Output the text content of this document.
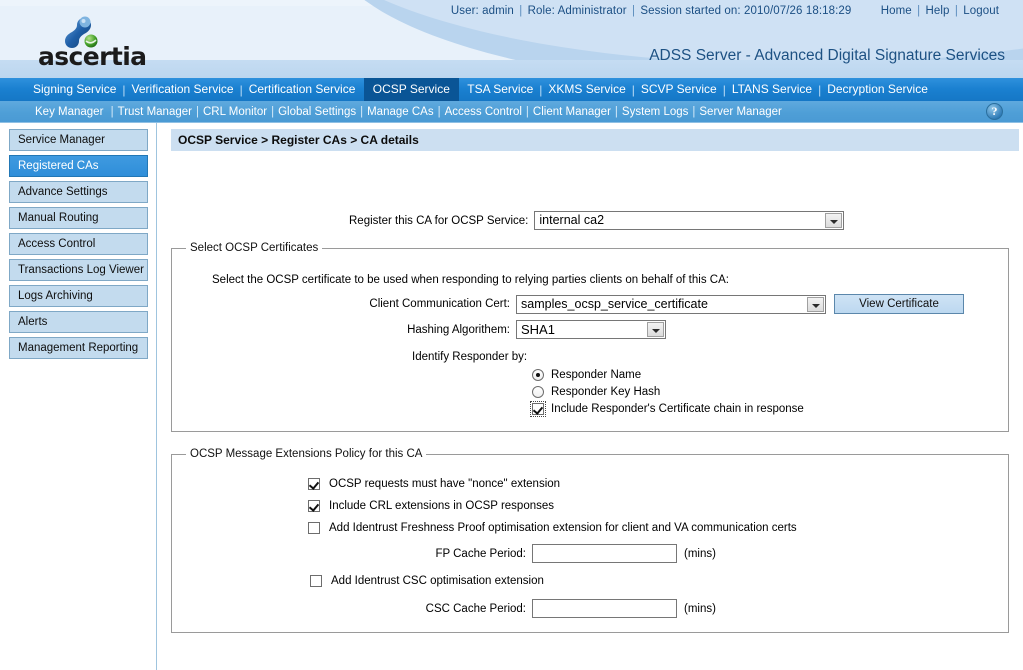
ascertia
User: admin | Role: Administrator | Session started on: 2010/07/26 18:18:29	Home | Help | Logout
ADSS Server - Advanced Digital Signature Services
Signing Service | Verification Service | Certification Service
	OCSP Service
	TSA Service | XKMS Service | SCVP Service | LTANS Service | Decryption Service
Key Manager | Trust Manager | CRL Monitor | Global Settings | Manage CAs | Access Control | Client Manager | System Logs | Server Manager	?
Service Manager
Registered CAs
Advance Settings
Manual Routing
Access Control
Transactions Log Viewer
Logs Archiving
Alerts
Management Reporting
OCSP Service > Register CAs > CA details
Register this CA for OCSP Service: internal ca2
Select OCSP Certificates
Select the OCSP certificate to be used when responding to relying parties clients on behalf of this CA:
Client Communication Cert: samples_ocsp_service_certificate	View Certificate
Hashing Algorithem: SHA1
Identify Responder by:
Responder Name
Responder Key Hash
Include Responder's Certificate chain in response
OCSP Message Extensions Policy for this CA
OCSP requests must have "nonce" extension
Include CRL extensions in OCSP responses
Add Identrust Freshness Proof optimisation extension for client and VA communication certs
FP Cache Period:	(mins)
Add Identrust CSC optimisation extension
CSC Cache Period:	(mins)
